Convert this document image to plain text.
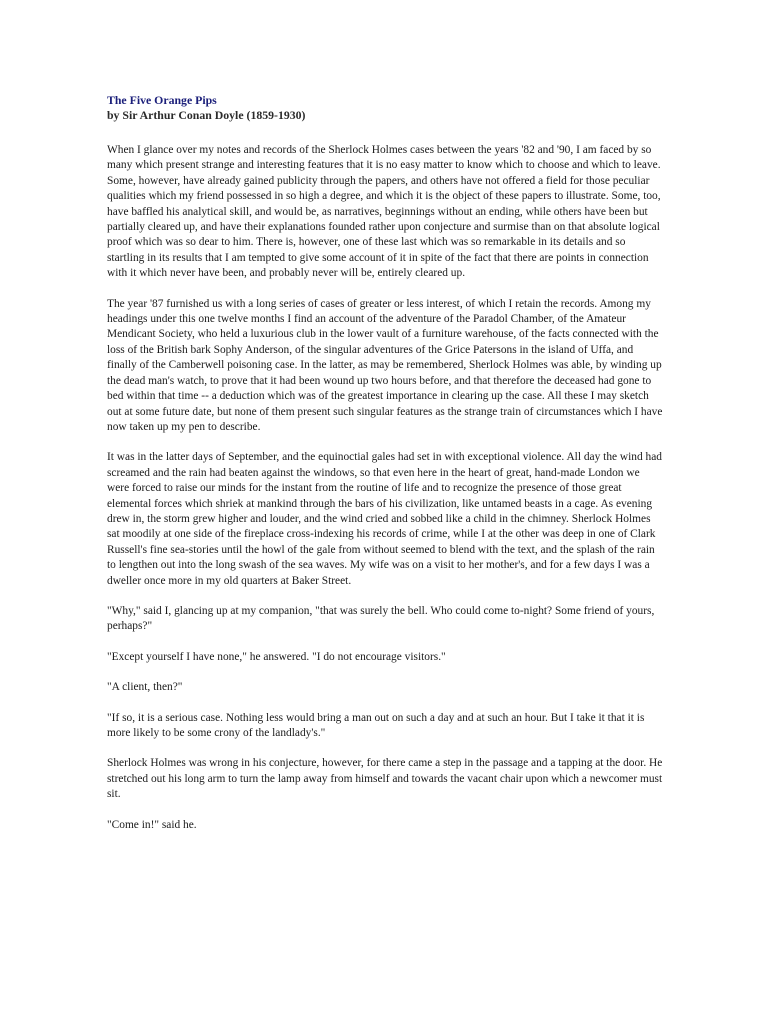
The Five Orange Pips
by Sir Arthur Conan Doyle (1859-1930)

When I glance over my notes and records of the Sherlock Holmes cases between the years '82 and '90, I am faced by so many which present strange and interesting features that it is no easy matter to know which to choose and which to leave. Some, however, have already gained publicity through the papers, and others have not offered a field for those peculiar qualities which my friend possessed in so high a degree, and which it is the object of these papers to illustrate. Some, too, have baffled his analytical skill, and would be, as narratives, beginnings without an ending, while others have been but partially cleared up, and have their explanations founded rather upon conjecture and surmise than on that absolute logical proof which was so dear to him. There is, however, one of these last which was so remarkable in its details and so startling in its results that I am tempted to give some account of it in spite of the fact that there are points in connection with it which never have been, and probably never will be, entirely cleared up.

The year '87 furnished us with a long series of cases of greater or less interest, of which I retain the records. Among my headings under this one twelve months I find an account of the adventure of the Paradol Chamber, of the Amateur Mendicant Society, who held a luxurious club in the lower vault of a furniture warehouse, of the facts connected with the loss of the British bark Sophy Anderson, of the singular adventures of the Grice Patersons in the island of Uffa, and finally of the Camberwell poisoning case. In the latter, as may be remembered, Sherlock Holmes was able, by winding up the dead man's watch, to prove that it had been wound up two hours before, and that therefore the deceased had gone to bed within that time -- a deduction which was of the greatest importance in clearing up the case. All these I may sketch out at some future date, but none of them present such singular features as the strange train of circumstances which I have now taken up my pen to describe.

It was in the latter days of September, and the equinoctial gales had set in with exceptional violence. All day the wind had screamed and the rain had beaten against the windows, so that even here in the heart of great, hand-made London we were forced to raise our minds for the instant from the routine of life and to recognize the presence of those great elemental forces which shriek at mankind through the bars of his civilization, like untamed beasts in a cage. As evening drew in, the storm grew higher and louder, and the wind cried and sobbed like a child in the chimney. Sherlock Holmes sat moodily at one side of the fireplace cross-indexing his records of crime, while I at the other was deep in one of Clark Russell's fine sea-stories until the howl of the gale from without seemed to blend with the text, and the splash of the rain to lengthen out into the long swash of the sea waves. My wife was on a visit to her mother's, and for a few days I was a dweller once more in my old quarters at Baker Street.

"Why," said I, glancing up at my companion, "that was surely the bell. Who could come to-night? Some friend of yours, perhaps?"

"Except yourself I have none," he answered. "I do not encourage visitors."

"A client, then?"

"If so, it is a serious case. Nothing less would bring a man out on such a day and at such an hour. But I take it that it is more likely to be some crony of the landlady's."

Sherlock Holmes was wrong in his conjecture, however, for there came a step in the passage and a tapping at the door. He stretched out his long arm to turn the lamp away from himself and towards the vacant chair upon which a newcomer must sit.

"Come in!" said he.
